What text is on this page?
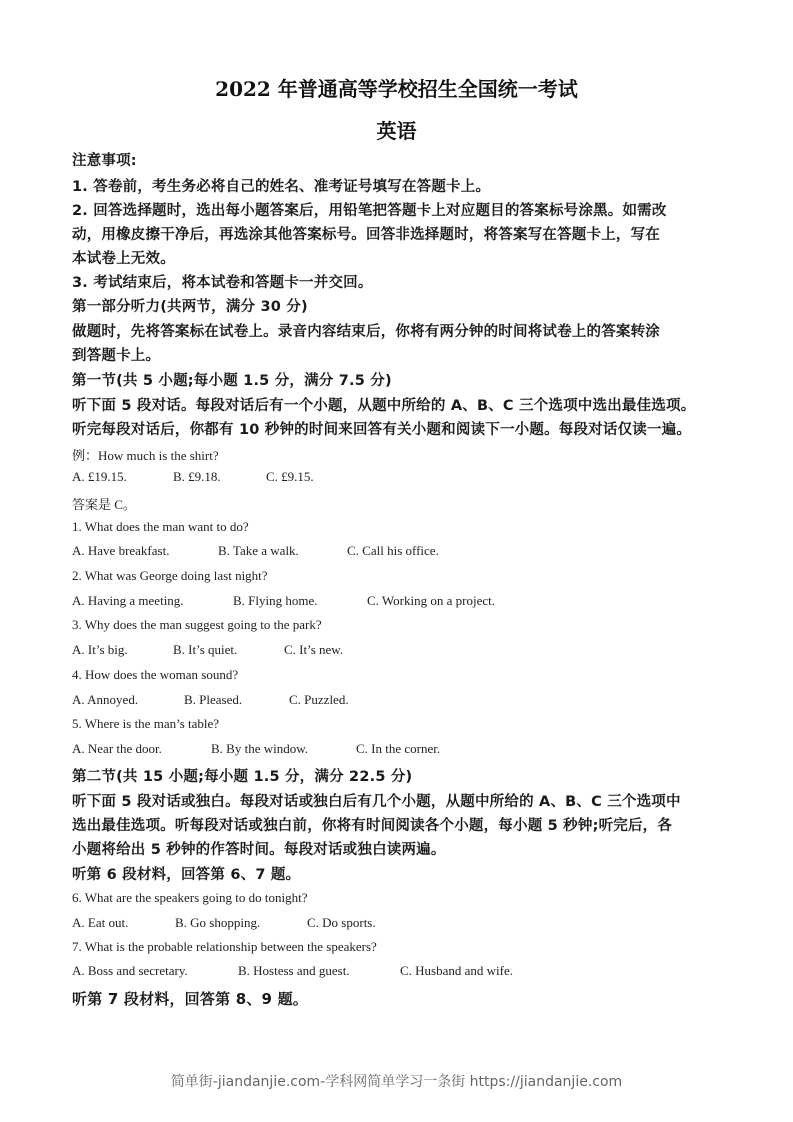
2022 年普通高等学校招生全国统一考试
英语
注意事项:
1. 答卷前，考生务必将自己的姓名、准考证号填写在答题卡上。
2. 回答选择题时，选出每小题答案后，用铅笔把答题卡上对应题目的答案标号涂黑。如需改
动，用橡皮擦干净后，再选涂其他答案标号。回答非选择题时，将答案写在答题卡上，写在
本试卷上无效。
3. 考试结束后，将本试卷和答题卡一并交回。
第一部分听力(共两节，满分 30 分)
做题时，先将答案标在试卷上。录音内容结束后，你将有两分钟的时间将试卷上的答案转涂
到答题卡上。
第一节(共 5 小题;每小题 1.5 分，满分 7.5 分)
听下面 5 段对话。每段对话后有一个小题，从题中所给的 A、B、C 三个选项中选出最佳选项。
听完每段对话后，你都有 10 秒钟的时间来回答有关小题和阅读下一小题。每段对话仅读一遍。
例：How much is the shirt?
A. £19.15.	B. £9.18.	C. £9.15.
答案是 C。
1. What does the man want to do?
A. Have breakfast.	B. Take a walk.	C. Call his office.
2. What was George doing last night?
A. Having a meeting.	B. Flying home.	C. Working on a project.
3. Why does the man suggest going to the park?
A. It’s big.	B. It’s quiet.	C. It’s new.
4. How does the woman sound?
A. Annoyed.	B. Pleased.	C. Puzzled.
5. Where is the man’s table?
A. Near the door.	B. By the window.	C. In the corner.
第二节(共 15 小题;每小题 1.5 分，满分 22.5 分)
听下面 5 段对话或独白。每段对话或独白后有几个小题，从题中所给的 A、B、C 三个选项中
选出最佳选项。听每段对话或独白前，你将有时间阅读各个小题，每小题 5 秒钟;听完后，各
小题将给出 5 秒钟的作答时间。每段对话或独白读两遍。
听第 6 段材料，回答第 6、7 题。
6. What are the speakers going to do tonight?
A. Eat out.	B. Go shopping.	C. Do sports.
7. What is the probable relationship between the speakers?
A. Boss and secretary.	B. Hostess and guest.	C. Husband and wife.
听第 7 段材料，回答第 8、9 题。
简单街-jiandanjie.com-学科网简单学习一条街 https://jiandanjie.com
